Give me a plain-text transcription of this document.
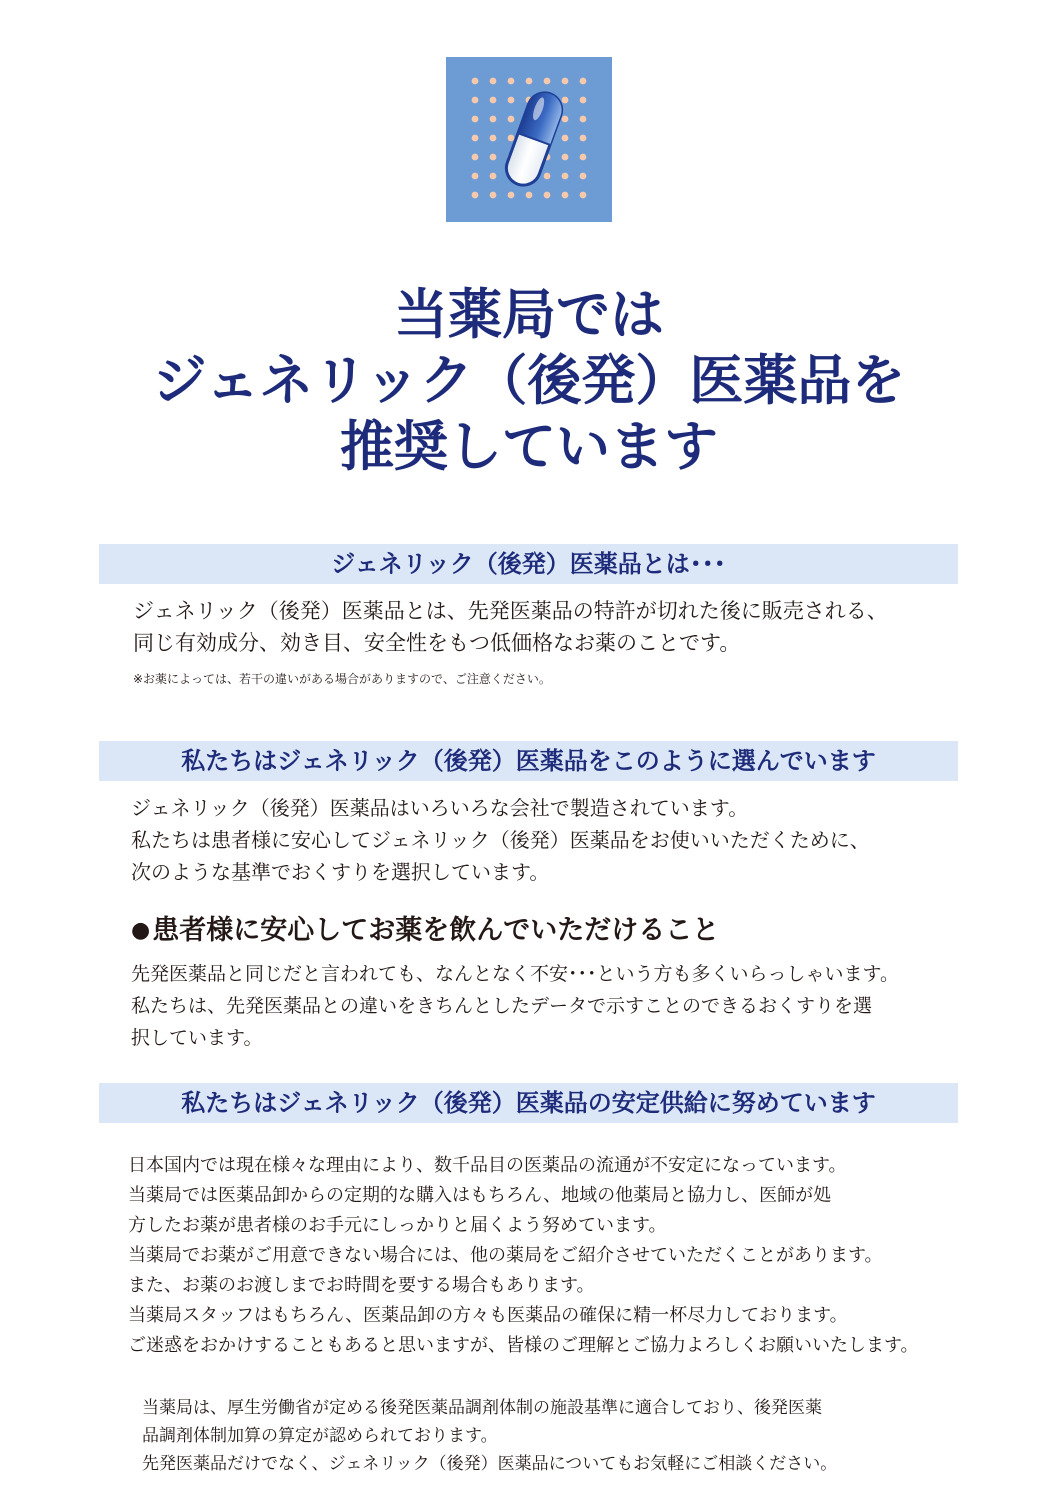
当薬局では
ジェネリック（後発）医薬品を
推奨しています
ジェネリック（後発）医薬品とは･･･
ジェネリック（後発）医薬品とは、先発医薬品の特許が切れた後に販売される、
同じ有効成分、効き目、安全性をもつ低価格なお薬のことです。
※お薬によっては、若干の違いがある場合がありますので、ご注意ください。
私たちはジェネリック（後発）医薬品をこのように選んでいます
ジェネリック（後発）医薬品はいろいろな会社で製造されています。
私たちは患者様に安心してジェネリック（後発）医薬品をお使いいただくために、
次のような基準でおくすりを選択しています。
●患者様に安心してお薬を飲んでいただけること
先発医薬品と同じだと言われても、なんとなく不安･･･という方も多くいらっしゃいます。
私たちは、先発医薬品との違いをきちんとしたデータで示すことのできるおくすりを選
択しています。
私たちはジェネリック（後発）医薬品の安定供給に努めています
日本国内では現在様々な理由により、数千品目の医薬品の流通が不安定になっています。
当薬局では医薬品卸からの定期的な購入はもちろん、地域の他薬局と協力し、医師が処
方したお薬が患者様のお手元にしっかりと届くよう努めています。
当薬局でお薬がご用意できない場合には、他の薬局をご紹介させていただくことがあります。
また、お薬のお渡しまでお時間を要する場合もあります。
当薬局スタッフはもちろん、医薬品卸の方々も医薬品の確保に精一杯尽力しております。
ご迷惑をおかけすることもあると思いますが、皆様のご理解とご協力よろしくお願いいたします。
当薬局は、厚生労働省が定める後発医薬品調剤体制の施設基準に適合しており、後発医薬
品調剤体制加算の算定が認められております。
先発医薬品だけでなく、ジェネリック（後発）医薬品についてもお気軽にご相談ください。
